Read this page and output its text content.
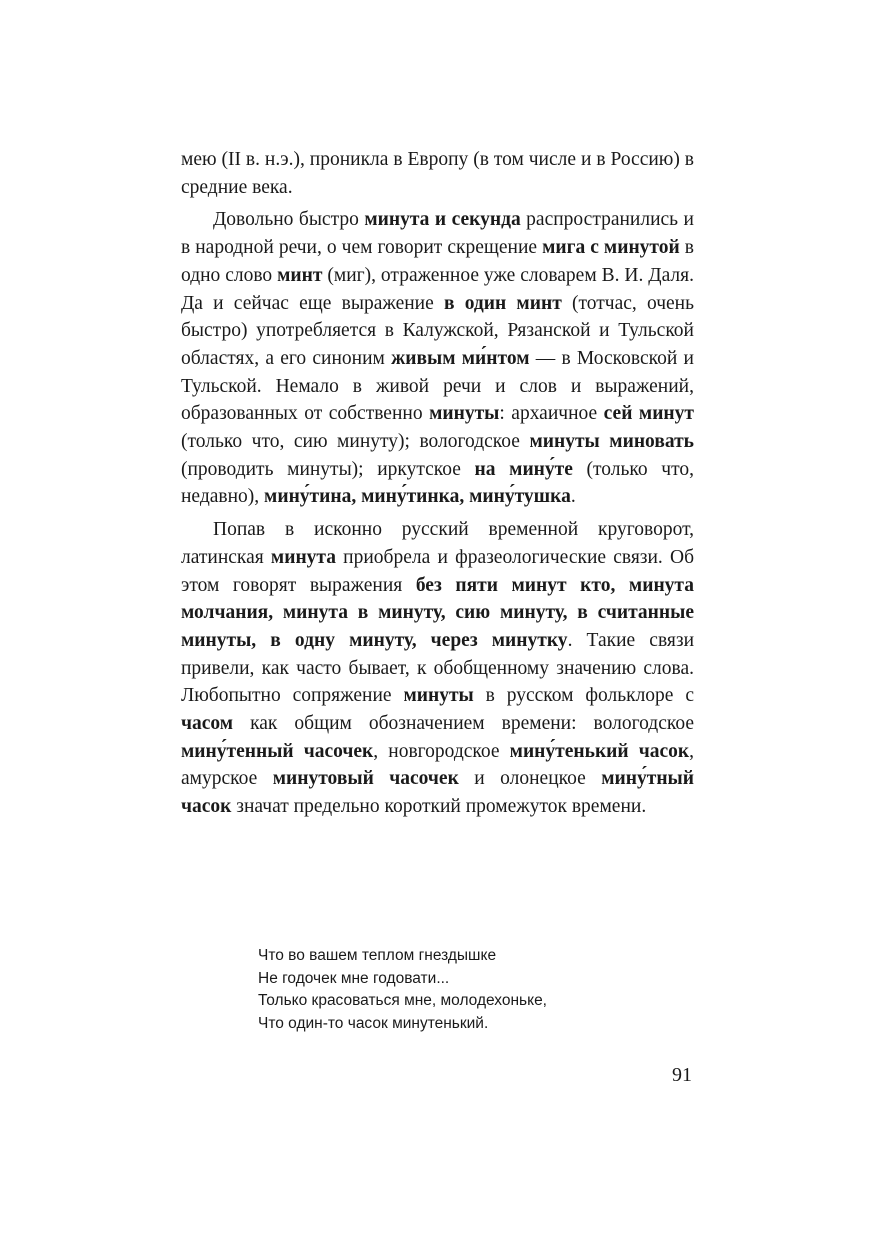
мею (II в. н.э.), проникла в Европу (в том числе и в Россию) в средние века.

Довольно быстро минута и секунда распространились и в народной речи, о чем говорит скрещение мига с минутой в одно слово минт (миг), отраженное уже словарем В. И. Даля. Да и сейчас еще выражение в один минт (тотчас, очень быстро) употребляется в Калужской, Рязанской и Тульской областях, а его синоним живым ми́нтом — в Московской и Тульской. Немало в живой речи и слов и выражений, образованных от собственно минуты: архаичное сей минут (только что, сию минуту); вологодское минуты миновать (проводить минуты); иркутское на мину́те (только что, недавно), мину́тина, мину́тинка, мину́тушка.

Попав в исконно русский временной круговорот, латинская минута приобрела и фразеологические связи. Об этом говорят выражения без пяти минут кто, минута молчания, минута в минуту, сию минуту, в считанные минуты, в одну минуту, через минутку. Такие связи привели, как часто бывает, к обобщенному значению слова. Любопытно сопряжение минуты в русском фольклоре с часом как общим обозначением времени: вологодское мину́тенный часочек, новгородское мину́тенький часок, амурское минутовый часочек и олонецкое мину́тный часок значат предельно короткий промежуток времени.

Что во вашем теплом гнездышке
Не годочек мне годовати...
Только красоваться мне, молодехоньке,
Что один-то часок минутенький.
91
